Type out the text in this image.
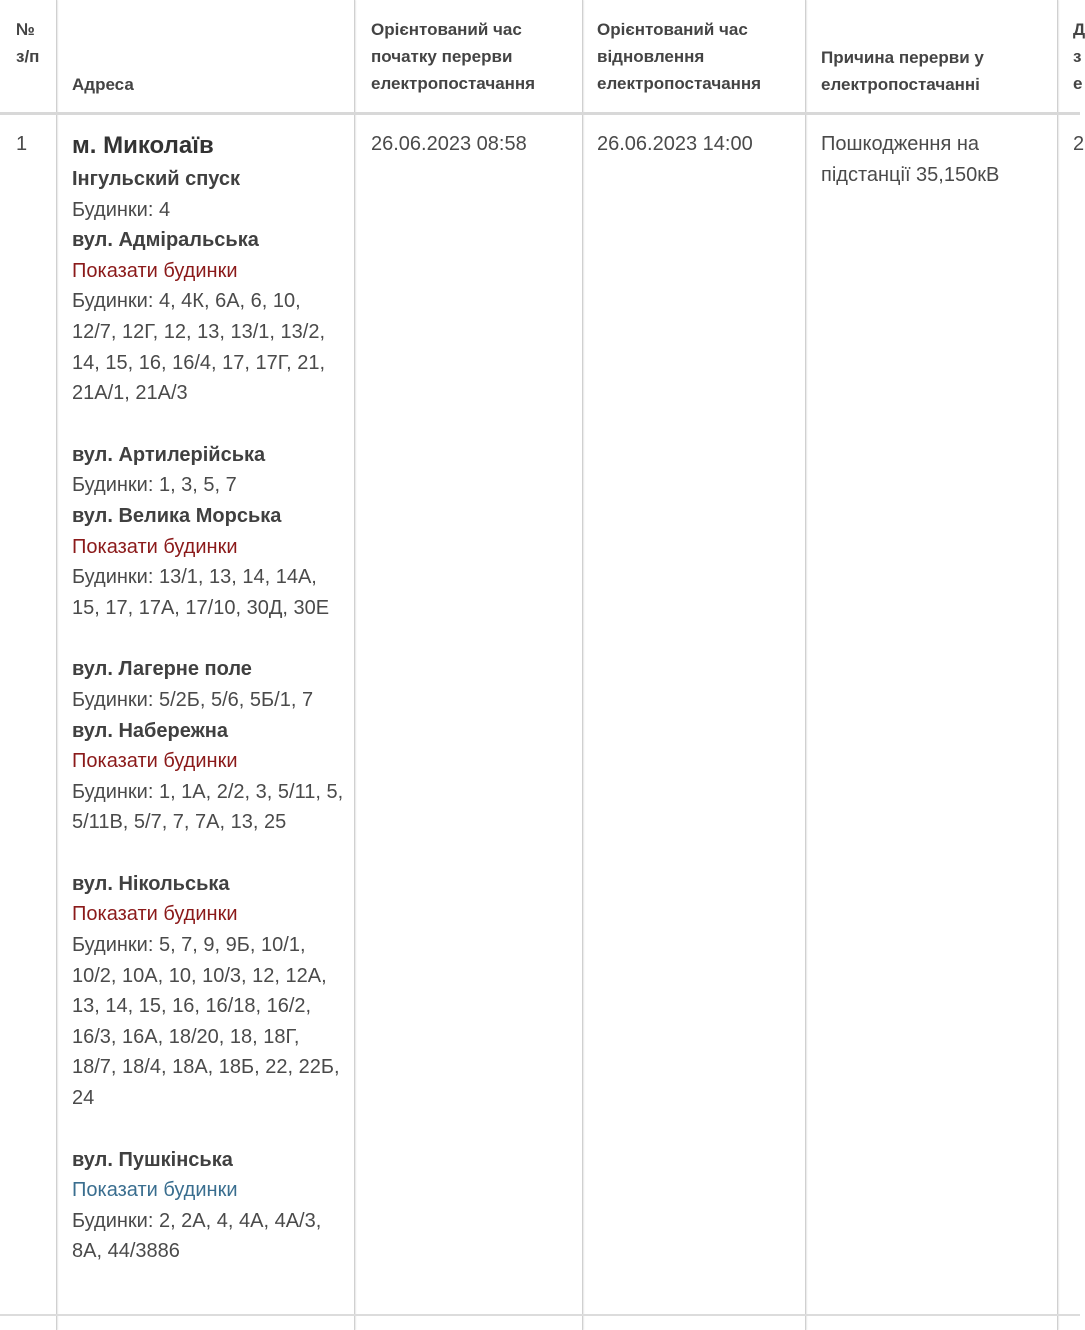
№ з/п
Адреса
Орієнтований час початку перерви електропостачання
Орієнтований час відновлення електропостачання
Причина перерви у електропостачанні
Д з е
1 м. Миколаїв
Інгульский спуск
Будинки: 4
вул. Адміральська
Показати будинки
Будинки: 4, 4К, 6А, 6, 10, 12/7, 12Г, 12, 13, 13/1, 13/2, 14, 15, 16, 16/4, 17, 17Г, 21, 21А/1, 21А/3
вул. Артилерійська
Будинки: 1, 3, 5, 7
вул. Велика Морська
Показати будинки
Будинки: 13/1, 13, 14, 14А, 15, 17, 17А, 17/10, 30Д, 30Е
вул. Лагерне поле
Будинки: 5/2Б, 5/6, 5Б/1, 7
вул. Набережна
Показати будинки
Будинки: 1, 1А, 2/2, 3, 5/11, 5, 5/11В, 5/7, 7, 7А, 13, 25
вул. Нікольська
Показати будинки
Будинки: 5, 7, 9, 9Б, 10/1, 10/2, 10А, 10, 10/3, 12, 12А, 13, 14, 15, 16, 16/18, 16/2, 16/3, 16А, 18/20, 18, 18Г, 18/7, 18/4, 18А, 18Б, 22, 22Б, 24
вул. Пушкінська
Показати будинки
Будинки: 2, 2А, 4, 4А, 4А/3, 8А, 44/3886
26.06.2023 08:58	26.06.2023 14:00	Пошкодження на підстанції 35,150кВ
2
